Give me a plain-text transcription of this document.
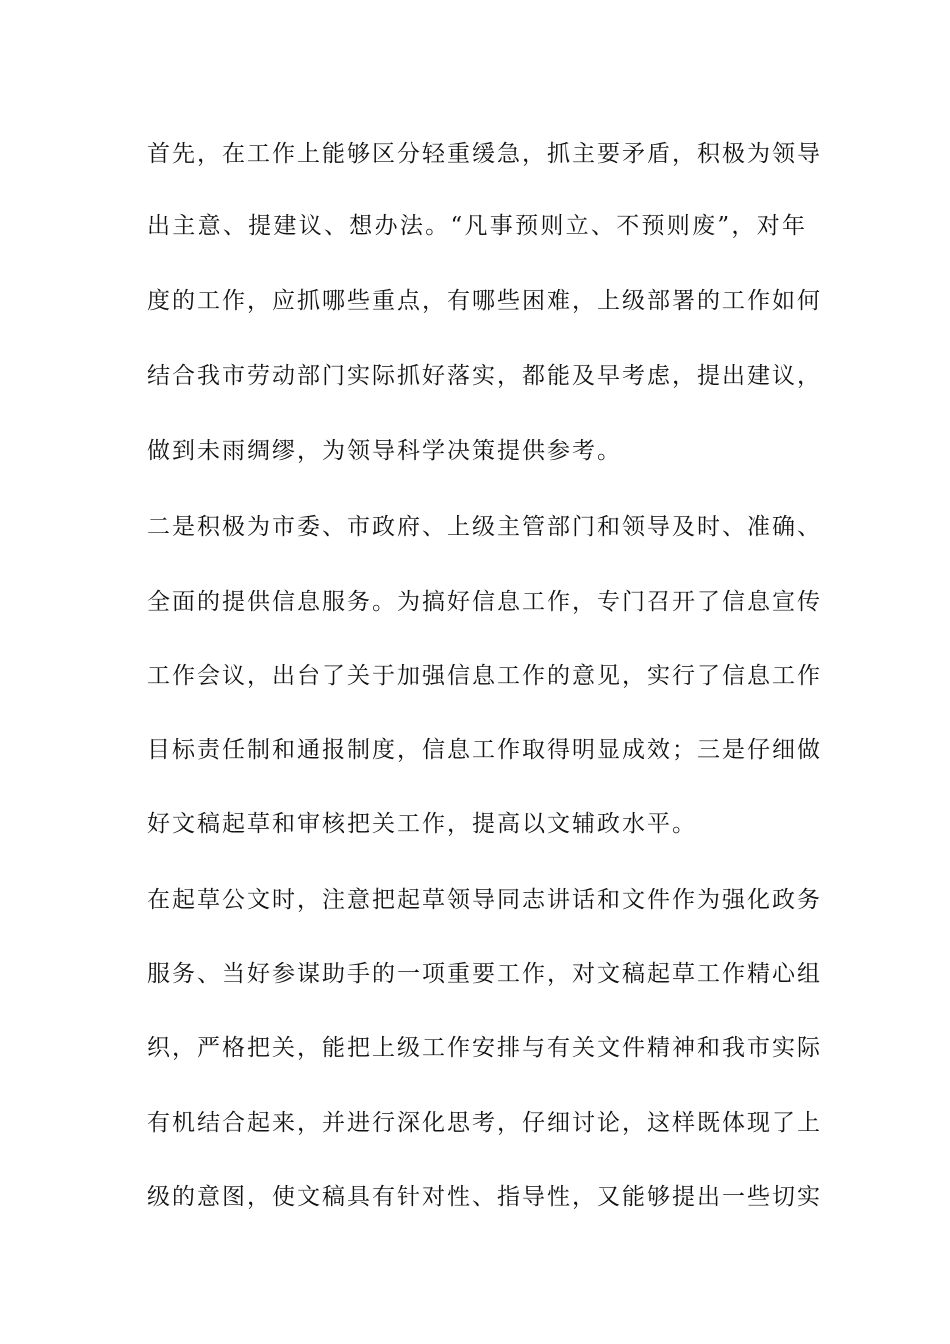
首先，在工作上能够区分轻重缓急，抓主要矛盾，积极为领导
出主意、提建议、想办法。“凡事预则立、不预则废”，对年
度的工作，应抓哪些重点，有哪些困难，上级部署的工作如何
结合我市劳动部门实际抓好落实，都能及早考虑，提出建议，
做到未雨绸缪，为领导科学决策提供参考。
二是积极为市委、市政府、上级主管部门和领导及时、准确、
全面的提供信息服务。为搞好信息工作，专门召开了信息宣传
工作会议，出台了关于加强信息工作的意见，实行了信息工作
目标责任制和通报制度，信息工作取得明显成效；三是仔细做
好文稿起草和审核把关工作，提高以文辅政水平。
在起草公文时，注意把起草领导同志讲话和文件作为强化政务
服务、当好参谋助手的一项重要工作，对文稿起草工作精心组
织，严格把关，能把上级工作安排与有关文件精神和我市实际
有机结合起来，并进行深化思考，仔细讨论，这样既体现了上
级的意图，使文稿具有针对性、指导性，又能够提出一些切实
